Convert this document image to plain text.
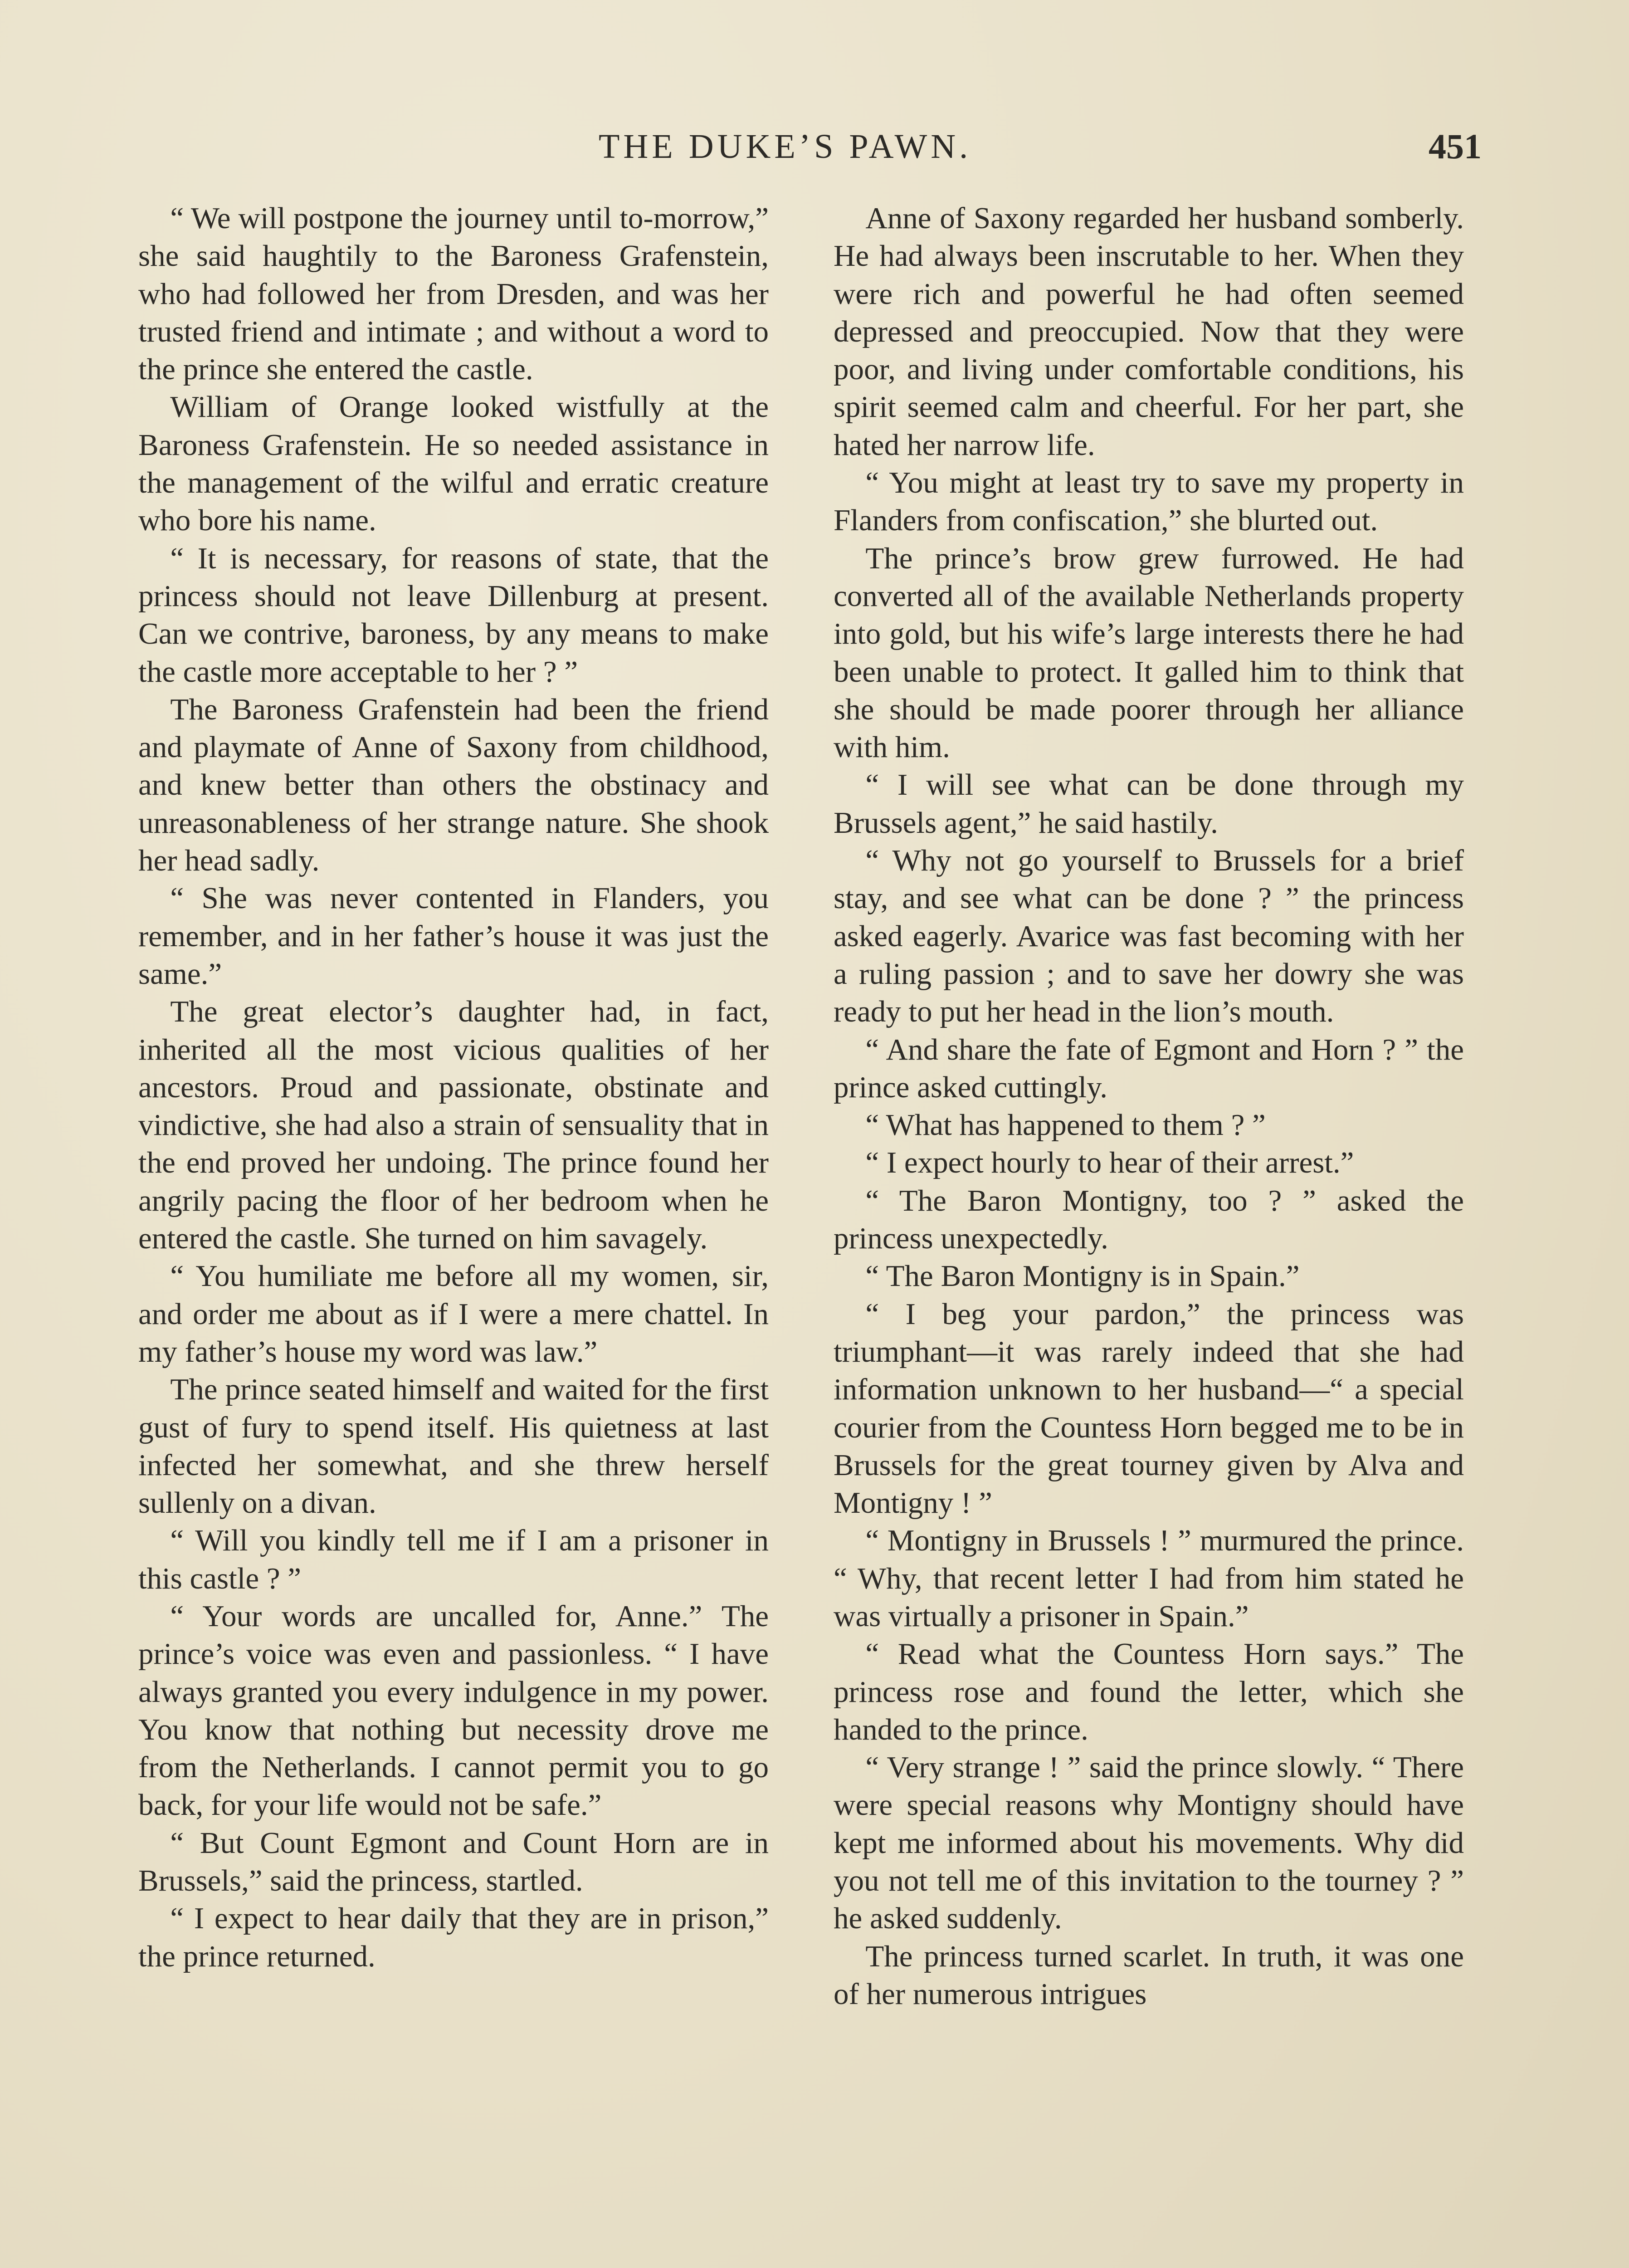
THE DUKE’S PAWN.	451

“ We will postpone the journey until to-morrow,” she said haughtily to the Baroness Grafenstein, who had followed her from Dresden, and was her trusted friend and intimate ; and without a word to the prince she entered the castle.

William of Orange looked wistfully at the Baroness Grafenstein. He so needed assistance in the management of the wilful and erratic creature who bore his name.

“ It is necessary, for reasons of state, that the princess should not leave Dillenburg at present. Can we contrive, baroness, by any means to make the castle more acceptable to her ? ”

The Baroness Grafenstein had been the friend and playmate of Anne of Saxony from childhood, and knew better than others the obstinacy and unreasonableness of her strange nature. She shook her head sadly.

“ She was never contented in Flanders, you remember, and in her father’s house it was just the same.”

The great elector’s daughter had, in fact, inherited all the most vicious qualities of her ancestors. Proud and passionate, obstinate and vindictive, she had also a strain of sensuality that in the end proved her undoing. The prince found her angrily pacing the floor of her bedroom when he entered the castle. She turned on him savagely.

“ You humiliate me before all my women, sir, and order me about as if I were a mere chattel. In my father’s house my word was law.”

The prince seated himself and waited for the first gust of fury to spend itself. His quietness at last infected her somewhat, and she threw herself sullenly on a divan.

“ Will you kindly tell me if I am a prisoner in this castle ? ”

“ Your words are uncalled for, Anne.” The prince’s voice was even and passionless. “ I have always granted you every indulgence in my power. You know that nothing but necessity drove me from the Netherlands. I cannot permit you to go back, for your life would not be safe.”

“ But Count Egmont and Count Horn are in Brussels,” said the princess, startled.

“ I expect to hear daily that they are in prison,” the prince returned.

Anne of Saxony regarded her husband somberly. He had always been inscrutable to her. When they were rich and powerful he had often seemed depressed and preoccupied. Now that they were poor, and living under comfortable conditions, his spirit seemed calm and cheerful. For her part, she hated her narrow life.

“ You might at least try to save my property in Flanders from confiscation,” she blurted out.

The prince’s brow grew furrowed. He had converted all of the available Netherlands property into gold, but his wife’s large interests there he had been unable to protect. It galled him to think that she should be made poorer through her alliance with him.

“ I will see what can be done through my Brussels agent,” he said hastily.

“ Why not go yourself to Brussels for a brief stay, and see what can be done ? ” the princess asked eagerly. Avarice was fast becoming with her a ruling passion ; and to save her dowry she was ready to put her head in the lion’s mouth.

“ And share the fate of Egmont and Horn ? ” the prince asked cuttingly.

“ What has happened to them ? ”

“ I expect hourly to hear of their arrest.”

“ The Baron Montigny, too ? ” asked the princess unexpectedly.

“ The Baron Montigny is in Spain.”

“ I beg your pardon,” the princess was triumphant—it was rarely indeed that she had information unknown to her husband—“ a special courier from the Countess Horn begged me to be in Brussels for the great tourney given by Alva and Montigny ! ”

“ Montigny in Brussels ! ” murmured the prince. “ Why, that recent letter I had from him stated he was virtually a prisoner in Spain.”

“ Read what the Countess Horn says.” The princess rose and found the letter, which she handed to the prince.

“ Very strange ! ” said the prince slowly. “ There were special reasons why Montigny should have kept me informed about his movements. Why did you not tell me of this invitation to the tourney ? ” he asked suddenly.

The princess turned scarlet. In truth, it was one of her numerous intrigues
